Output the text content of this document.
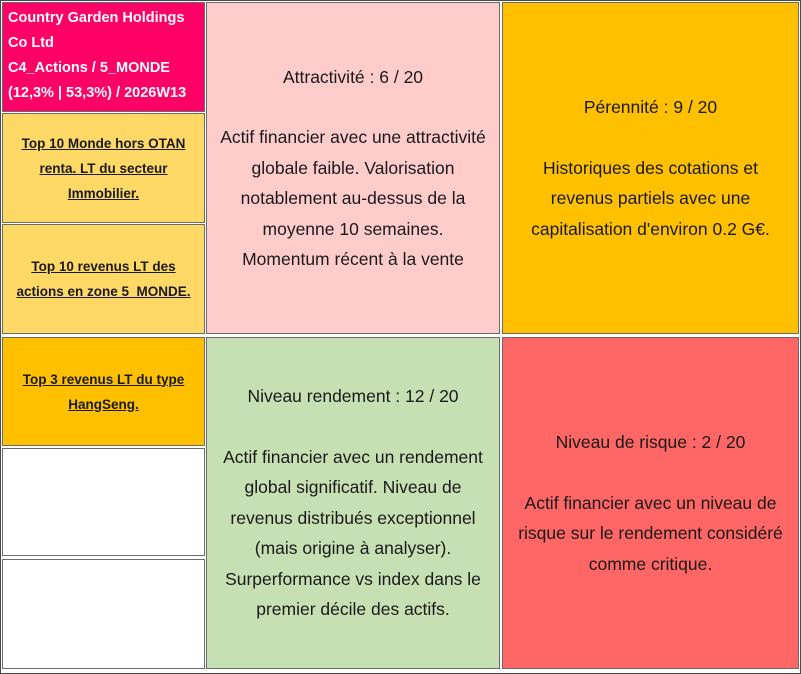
Country Garden Holdings
Co Ltd
C4_Actions / 5_MONDE
(12,3% | 53,3%) / 2026W13
Top 10 Monde hors OTAN renta. LT du secteur Immobilier.
Top 10 revenus LT des actions en zone 5_MONDE.
Top 3 revenus LT du type HangSeng.
Attractivité : 6 / 20
Actif financier avec une attractivité globale faible. Valorisation notablement au-dessus de la moyenne 10 semaines. Momentum récent à la vente
Pérennité : 9 / 20
Historiques des cotations et revenus partiels avec une capitalisation d'environ 0.2 G€.
Niveau rendement : 12 / 20
Actif financier avec un rendement global significatif. Niveau de revenus distribués exceptionnel (mais origine à analyser). Surperformance vs index dans le premier décile des actifs.
Niveau de risque : 2 / 20
Actif financier avec un niveau de risque sur le rendement considéré comme critique.
